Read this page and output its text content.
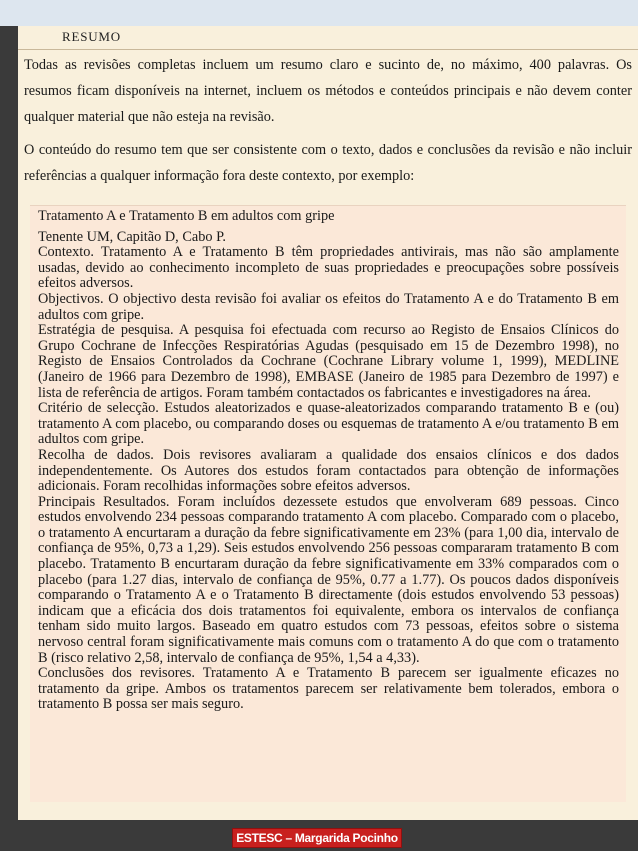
RESUMO

Todas as revisões completas incluem um resumo claro e sucinto de, no máximo, 400 palavras. Os resumos ficam disponíveis na internet, incluem os métodos e conteúdos principais e não devem conter qualquer material que não esteja na revisão.

O conteúdo do resumo tem que ser consistente com o texto, dados e conclusões da revisão e não incluir referências a qualquer informação fora deste contexto, por exemplo:

Tratamento A e Tratamento B em adultos com gripe

Tenente UM, Capitão D, Cabo P.

Contexto. Tratamento A e Tratamento B têm propriedades antivirais, mas não são amplamente usadas, devido ao conhecimento incompleto de suas propriedades e preocupações sobre possíveis efeitos adversos.

Objectivos. O objectivo desta revisão foi avaliar os efeitos do Tratamento A e do Tratamento B em adultos com gripe.

Estratégia de pesquisa. A pesquisa foi efectuada com recurso ao Registo de Ensaios Clínicos do Grupo Cochrane de Infecções Respiratórias Agudas (pesquisado em 15 de Dezembro 1998), no Registo de Ensaios Controlados da Cochrane (Cochrane Library volume 1, 1999), MEDLINE (Janeiro de 1966 para Dezembro de 1998), EMBASE (Janeiro de 1985 para Dezembro de 1997) e lista de referência de artigos. Foram também contactados os fabricantes e investigadores na área.

Critério de selecção. Estudos aleatorizados e quase-aleatorizados comparando tratamento B e (ou) tratamento A com placebo, ou comparando doses ou esquemas de tratamento A e/ou tratamento B em adultos com gripe.

Recolha de dados. Dois revisores avaliaram a qualidade dos ensaios clínicos e dos dados independentemente. Os Autores dos estudos foram contactados para obtenção de informações adicionais. Foram recolhidas informações sobre efeitos adversos.

Principais Resultados. Foram incluídos dezessete estudos que envolveram 689 pessoas. Cinco estudos envolvendo 234 pessoas comparando tratamento A com placebo. Comparado com o placebo, o tratamento A encurtaram a duração da febre significativamente em 23% (para 1,00 dia, intervalo de confiança de 95%, 0,73 a 1,29). Seis estudos envolvendo 256 pessoas compararam tratamento B com placebo. Tratamento B encurtaram duração da febre significativamente em 33% comparados com o placebo (para 1.27 dias, intervalo de confiança de 95%, 0.77 a 1.77). Os poucos dados disponíveis comparando o Tratamento A e o Tratamento B directamente (dois estudos envolvendo 53 pessoas) indicam que a eficácia dos dois tratamentos foi equivalente, embora os intervalos de confiança tenham sido muito largos. Baseado em quatro estudos com 73 pessoas, efeitos sobre o sistema nervoso central foram significativamente mais comuns com o tratamento A do que com o tratamento B (risco relativo 2,58, intervalo de confiança de 95%, 1,54 a 4,33).

Conclusões dos revisores. Tratamento A e Tratamento B parecem ser igualmente eficazes no tratamento da gripe. Ambos os tratamentos parecem ser relativamente bem tolerados, embora o tratamento B possa ser mais seguro.

ESTESC – Margarida Pocinho
